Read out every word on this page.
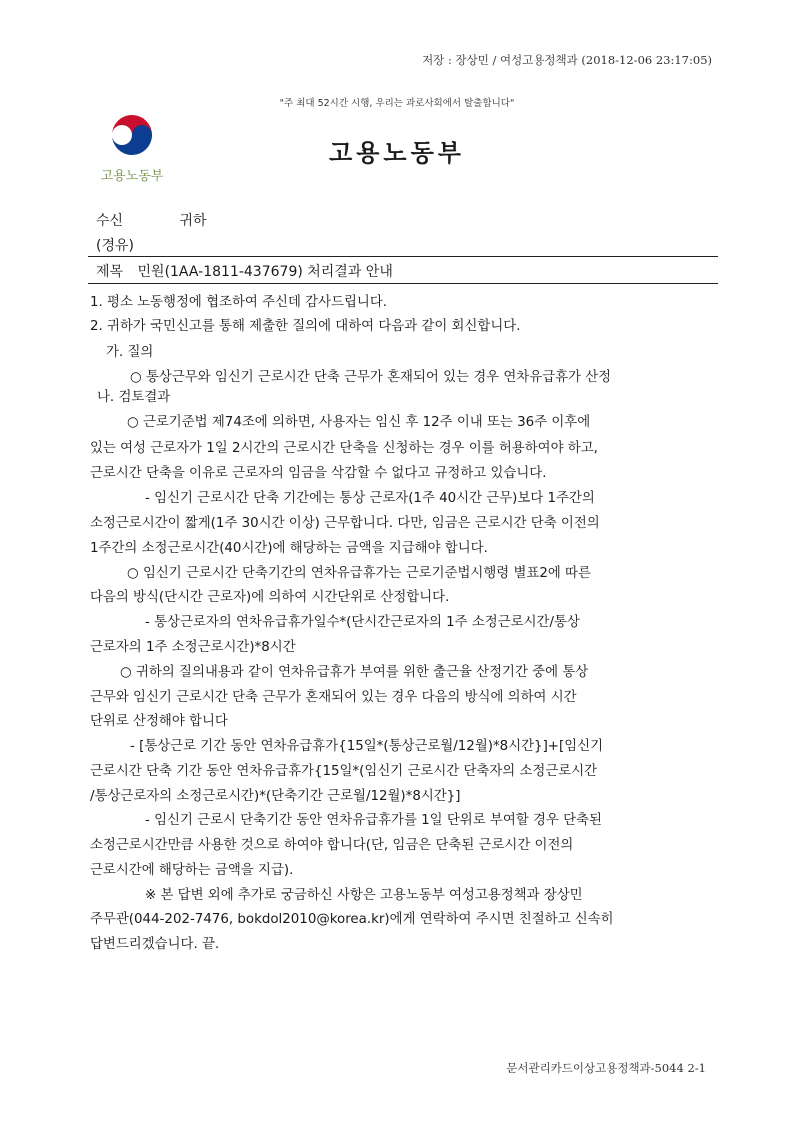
저장 : 장상민 / 여성고용정책과 (2018-12-06 23:17:05)
"주 최대 52시간 시행, 우리는 과로사회에서 탈출합니다"
고용노동부
고용노동부
수신	귀하
(경유)
제목 민원(1AA-1811-437679) 처리결과 안내
1. 평소 노동행정에 협조하여 주신데 감사드립니다.
2. 귀하가 국민신고를 통해 제출한 질의에 대하여 다음과 같이 회신합니다.
가. 질의
○ 통상근무와 임신기 근로시간 단축 근무가 혼재되어 있는 경우 연차유급휴가 산정
나. 검토결과
○ 근로기준법 제74조에 의하면, 사용자는 임신 후 12주 이내 또는 36주 이후에
있는 여성 근로자가 1일 2시간의 근로시간 단축을 신청하는 경우 이를 허용하여야 하고,
근로시간 단축을 이유로 근로자의 임금을 삭감할 수 없다고 규정하고 있습니다.
- 임신기 근로시간 단축 기간에는 통상 근로자(1주 40시간 근무)보다 1주간의
소정근로시간이 짧게(1주 30시간 이상) 근무합니다. 다만, 임금은 근로시간 단축 이전의
1주간의 소정근로시간(40시간)에 해당하는 금액을 지급해야 합니다.
○ 임신기 근로시간 단축기간의 연차유급휴가는 근로기준법시행령 별표2에 따른
다음의 방식(단시간 근로자)에 의하여 시간단위로 산정합니다.
- 통상근로자의 연차유급휴가일수*(단시간근로자의 1주 소정근로시간/통상
근로자의 1주 소정근로시간)*8시간
○ 귀하의 질의내용과 같이 연차유급휴가 부여를 위한 출근율 산정기간 중에 통상
근무와 임신기 근로시간 단축 근무가 혼재되어 있는 경우 다음의 방식에 의하여 시간
단위로 산정해야 합니다
- [통상근로 기간 동안 연차유급휴가{15일*(통상근로월/12월)*8시간}]+[임신기
근로시간 단축 기간 동안 연차유급휴가{15일*(임신기 근로시간 단축자의 소정근로시간
/통상근로자의 소정근로시간)*(단축기간 근로월/12월)*8시간}]
- 임신기 근로시 단축기간 동안 연차유급휴가를 1일 단위로 부여할 경우 단축된
소정근로시간만큼 사용한 것으로 하여야 합니다(단, 임금은 단축된 근로시간 이전의
근로시간에 해당하는 금액을 지급).
※ 본 답변 외에 추가로 궁금하신 사항은 고용노동부 여성고용정책과 장상민
주무관(044-202-7476, bokdol2010@korea.kr)에게 연락하여 주시면 친절하고 신속히
답변드리겠습니다. 끝.
문서관리카드이상고용정책과-5044 2-1
